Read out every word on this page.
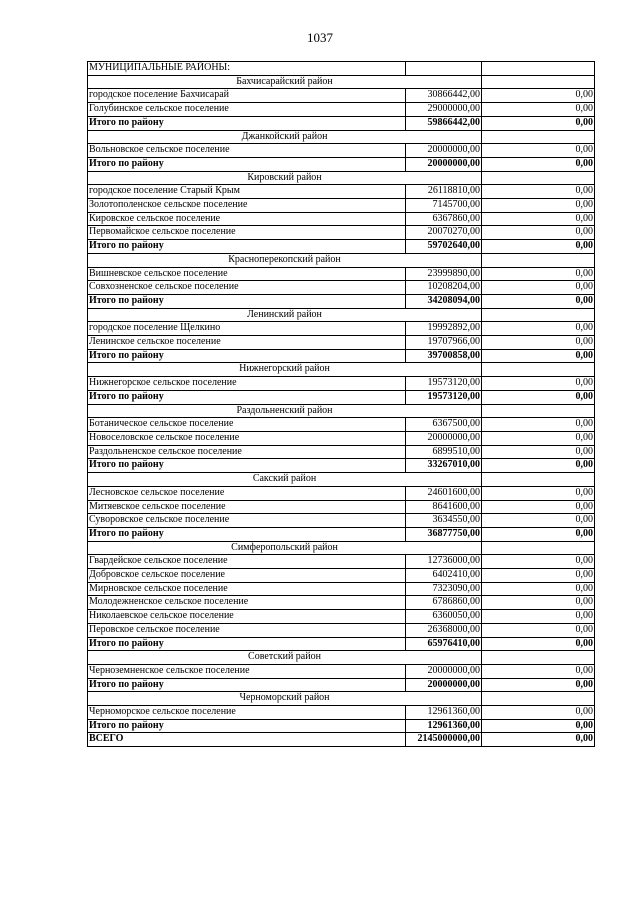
1037
МУНИЦИПАЛЬНЫЕ РАЙОНЫ:		
Бахчисарайский район		
городское поселение Бахчисарай	30866442,00	0,00
Голубинское сельское поселение	29000000,00	0,00
Итого по району	59866442,00	0,00
Джанкойский район		
Вольновское сельское поселение	20000000,00	0,00
Итого по району	20000000,00	0,00
Кировский район		
городское поселение Старый Крым	26118810,00	0,00
Золотополенское сельское поселение	7145700,00	0,00
Кировское сельское поселение	6367860,00	0,00
Первомайское сельское поселение	20070270,00	0,00
Итого по району	59702640,00	0,00
Красноперекопский район		
Вишневское сельское поселение	23999890,00	0,00
Совхозненское сельское поселение	10208204,00	0,00
Итого по району	34208094,00	0,00
Ленинский район		
городское поселение Щелкино	19992892,00	0,00
Ленинское сельское поселение	19707966,00	0,00
Итого по району	39700858,00	0,00
Нижнегорский район		
Нижнегорское сельское поселение	19573120,00	0,00
Итого по району	19573120,00	0,00
Раздольненский район		
Ботаническое сельское поселение	6367500,00	0,00
Новоселовское сельское поселение	20000000,00	0,00
Раздольненское сельское поселение	6899510,00	0,00
Итого по району	33267010,00	0,00
Сакский район		
Лесновское сельское поселение	24601600,00	0,00
Митяевское сельское поселение	8641600,00	0,00
Суворовское сельское поселение	3634550,00	0,00
Итого по району	36877750,00	0,00
Симферопольский район		
Гвардейское сельское поселение	12736000,00	0,00
Добровское сельское поселение	6402410,00	0,00
Мирновское сельское поселение	7323090,00	0,00
Молодежненское сельское поселение	6786860,00	0,00
Николаевское сельское поселение	6360050,00	0,00
Перовское сельское поселение	26368000,00	0,00
Итого по району	65976410,00	0,00
Советский район		
Черноземненское сельское поселение	20000000,00	0,00
Итого по району	20000000,00	0,00
Черноморский район		
Черноморское сельское поселение	12961360,00	0,00
Итого по району	12961360,00	0,00
ВСЕГО	2145000000,00	0,00
